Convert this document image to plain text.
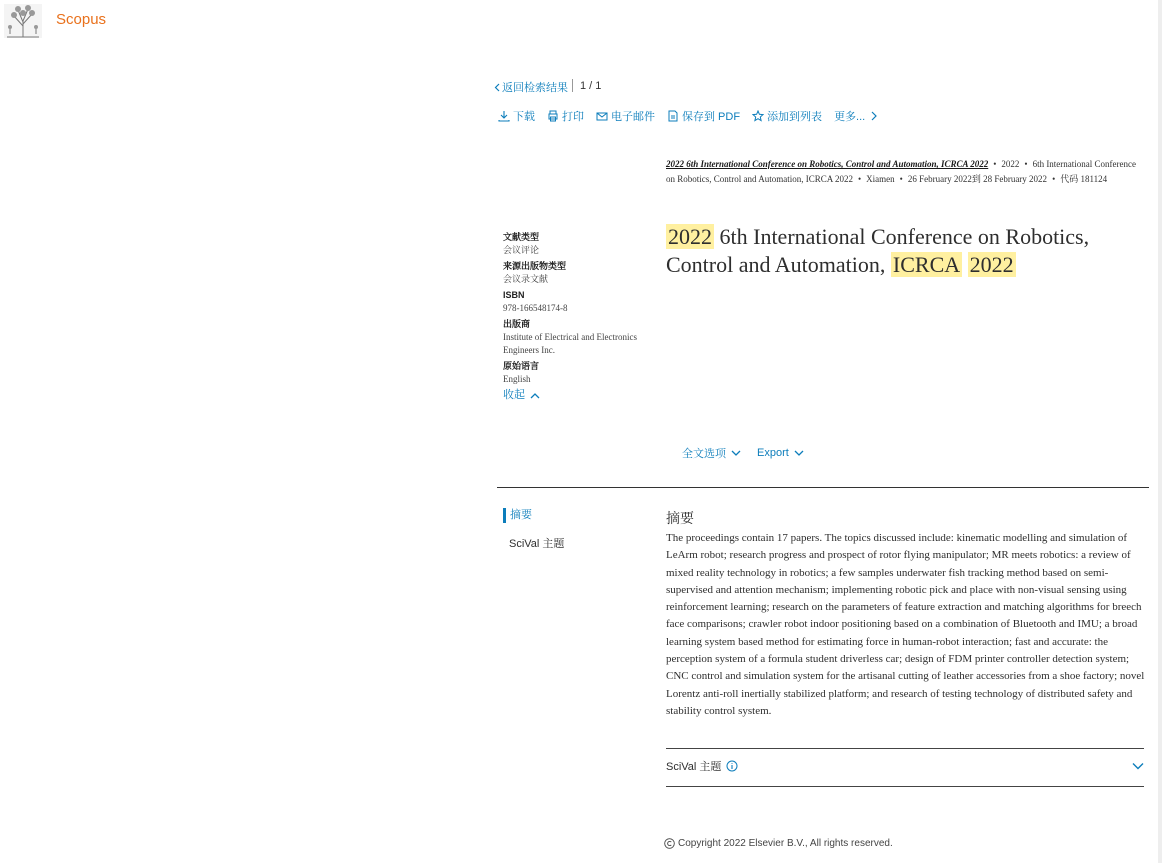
Scopus
返回检索结果 1 / 1
下载 打印 电子邮件 保存到 PDF 添加到列表 更多...
2022 6th International Conference on Robotics, Control and Automation, ICRCA 2022 • 2022 • 6th International Conference on Robotics, Control and Automation, ICRCA 2022 • Xiamen • 26 February 2022到 28 February 2022 • 代码 181124
文献类型
会议评论
来源出版物类型
会议录文献
ISBN
978-166548174-8
出版商
Institute of Electrical and Electronics Engineers Inc.
原始语言
English
收起
2022 6th International Conference on Robotics, Control and Automation, ICRCA 2022
全文选项	Export
摘要
SciVal 主题
摘要
The proceedings contain 17 papers. The topics discussed include: kinematic modelling and simulation of LeArm robot; research progress and prospect of rotor flying manipulator; MR meets robotics: a review of mixed reality technology in robotics; a few samples underwater fish tracking method based on semi-supervised and attention mechanism; implementing robotic pick and place with non-visual sensing using reinforcement learning; research on the parameters of feature extraction and matching algorithms for breech face comparisons; crawler robot indoor positioning based on a combination of Bluetooth and IMU; a broad learning system based method for estimating force in human-robot interaction; fast and accurate: the perception system of a formula student driverless car; design of FDM printer controller detection system; CNC control and simulation system for the artisanal cutting of leather accessories from a shoe factory; novel Lorentz anti-roll inertially stabilized platform; and research of testing technology of distributed safety and stability control system.
SciVal 主题
Copyright 2022 Elsevier B.V., All rights reserved.
